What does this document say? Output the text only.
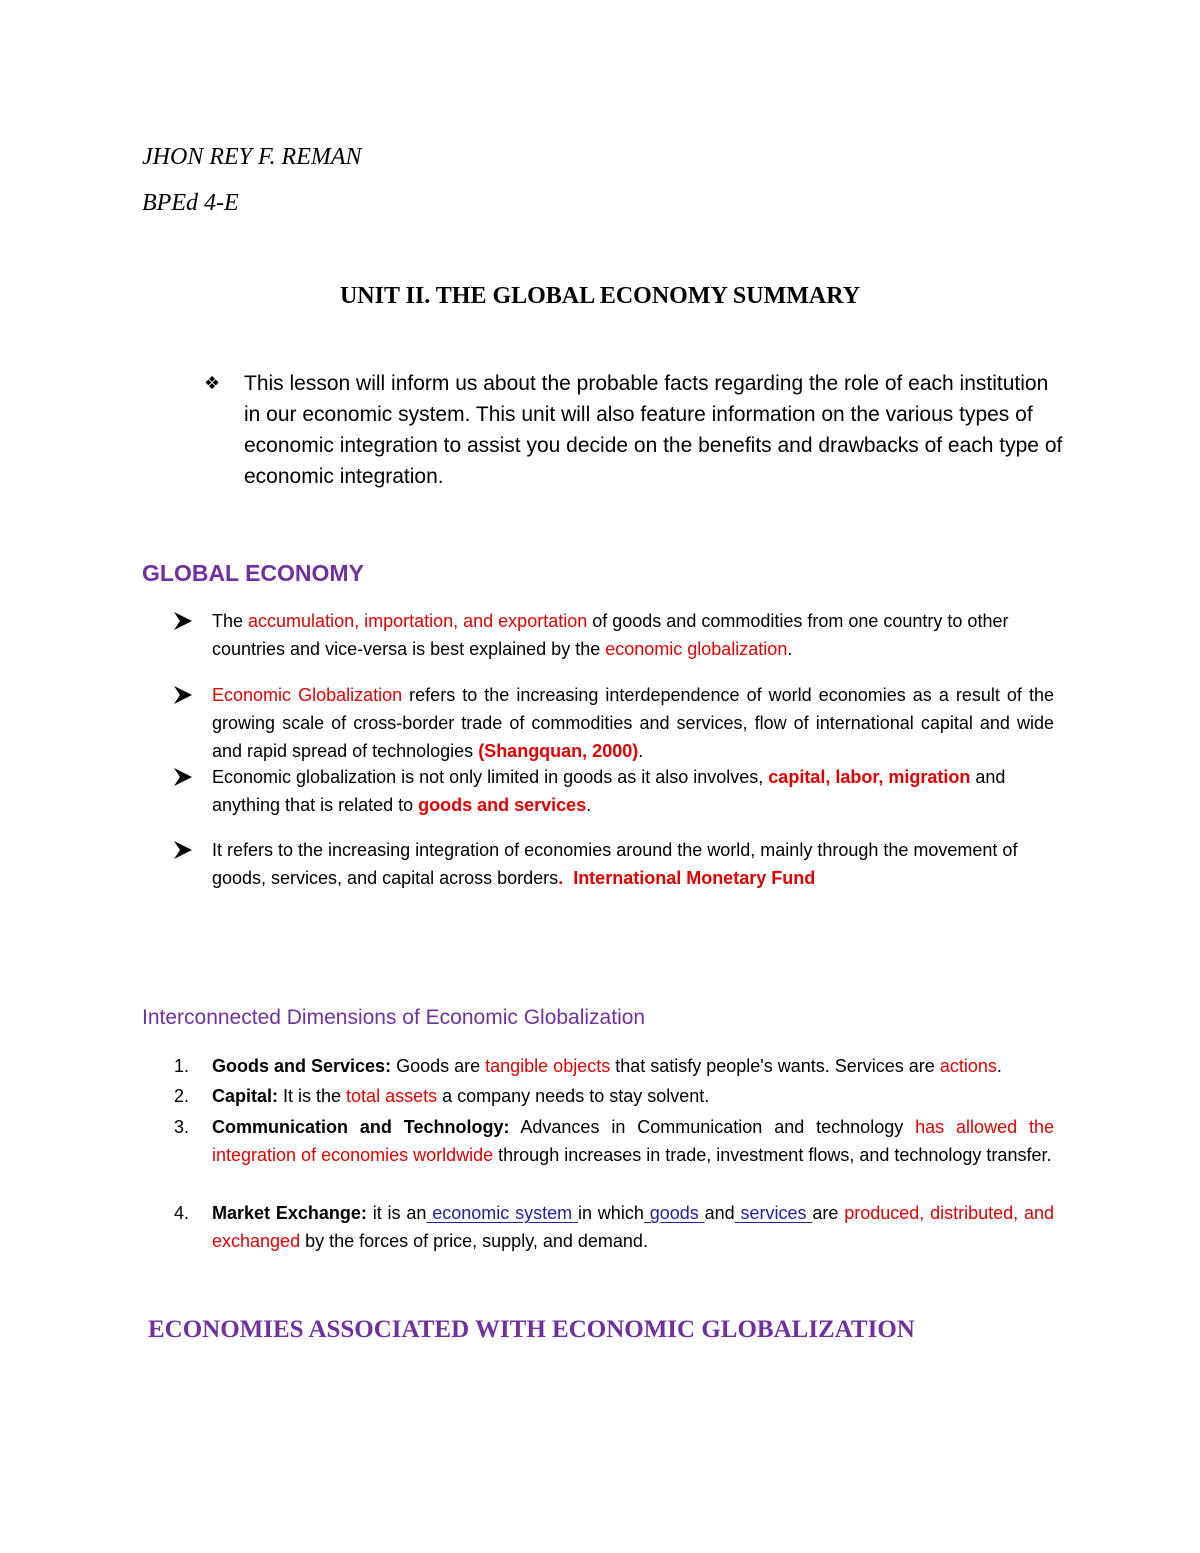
JHON REY F. REMAN
BPEd 4-E
UNIT II. THE GLOBAL ECONOMY SUMMARY
❖ This lesson will inform us about the probable facts regarding the role of each institution in our economic system. This unit will also feature information on the various types of economic integration to assist you decide on the benefits and drawbacks of each type of economic integration.
GLOBAL ECONOMY
The accumulation, importation, and exportation of goods and commodities from one country to other countries and vice-versa is best explained by the economic globalization.
Economic Globalization refers to the increasing interdependence of world economies as a result of the growing scale of cross-border trade of commodities and services, flow of international capital and wide and rapid spread of technologies (Shangquan, 2000).
Economic globalization is not only limited in goods as it also involves, capital, labor, migration and anything that is related to goods and services.
It refers to the increasing integration of economies around the world, mainly through the movement of goods, services, and capital across borders.  International Monetary Fund
Interconnected Dimensions of Economic Globalization
1. Goods and Services: Goods are tangible objects that satisfy people's wants. Services are actions.
2. Capital: It is the total assets a company needs to stay solvent.
3. Communication and Technology: Advances in Communication and technology has allowed the integration of economies worldwide through increases in trade, investment flows, and technology transfer.
4. Market Exchange: it is an economic system in which goods and services are produced, distributed, and exchanged by the forces of price, supply, and demand.
ECONOMIES ASSOCIATED WITH ECONOMIC GLOBALIZATION
